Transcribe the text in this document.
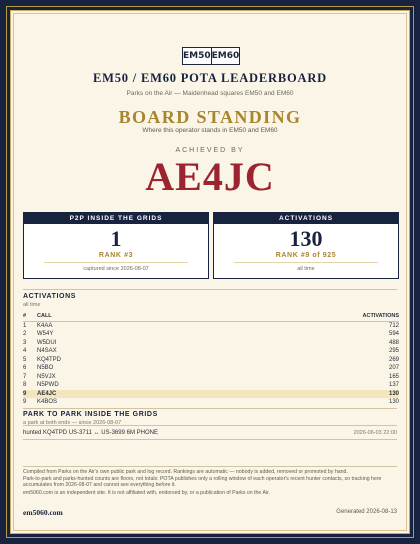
EM50 EM60
EM50 / EM60 POTA LEADERBOARD
Parks on the Air — Maidenhead squares EM50 and EM60
BOARD STANDING
Where this operator stands in EM50 and EM60
ACHIEVED BY
AE4JC
P2P INSIDE THE GRIDS
1
RANK #3
captured since 2026-08-07
ACTIVATIONS
130
RANK #9 of 925
all time
ACTIVATIONS
all time
#	CALL	ACTIVATIONS
1	K4AA	712
2	W54Y	594
3	W5DUI	488
4	N4SAX	295
5	KQ4TPD	269
6	N5BO	207
7	N5VJX	165
8	N5PWD	137
9	AE4JC	130
9	K4BOS	130
PARK TO PARK INSIDE THE GRIDS
a park at both ends — since 2026-08-07
hunted KQ4TPD US-3711 ↔ US-3699 6M PHONE	2026-06-03 22:00
Compiled from Parks on the Air's own public park and log record. Rankings are automatic — nobody is added, removed or promoted by hand.
Park-to-park and parks-hunted counts are floors, not totals: POTA publishes only a rolling window of each operator's recent hunter contacts, so tracking here accumulates from 2026-08-07 and cannot see everything before it.
em5060.com is an independent site. It is not affiliated with, endorsed by, or a publication of Parks on the Air.
em5060.com	Generated 2026-08-13
